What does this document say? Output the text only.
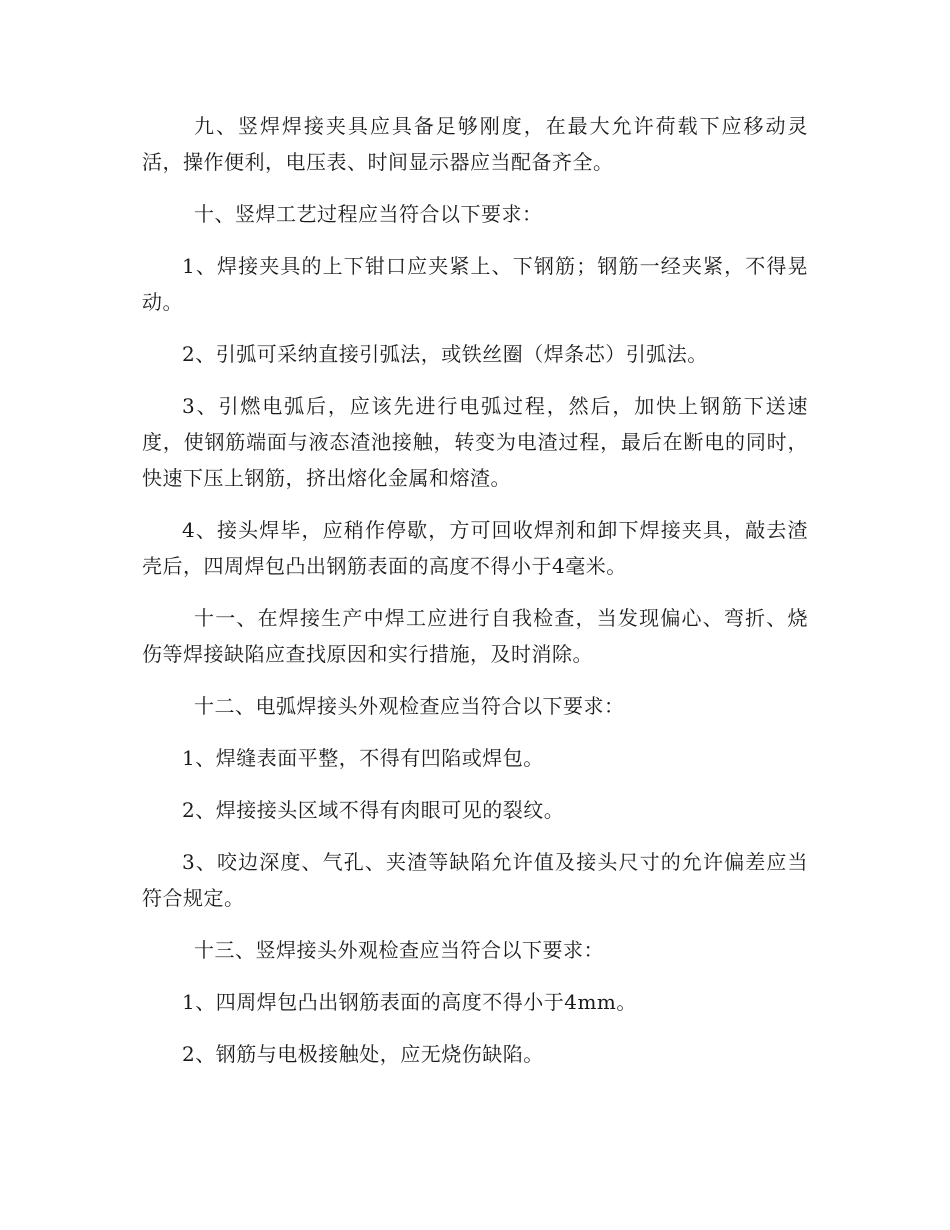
九、竖焊焊接夹具应具备足够刚度，在最大允许荷载下应移动灵活，操作便利，电压表、时间显示器应当配备齐全。

十、竖焊工艺过程应当符合以下要求：

1、焊接夹具的上下钳口应夹紧上、下钢筋；钢筋一经夹紧，不得晃动。

2、引弧可采纳直接引弧法，或铁丝圈（焊条芯）引弧法。

3、引燃电弧后，应该先进行电弧过程，然后，加快上钢筋下送速度，使钢筋端面与液态渣池接触，转变为电渣过程，最后在断电的同时，快速下压上钢筋，挤出熔化金属和熔渣。

4、接头焊毕，应稍作停歇，方可回收焊剂和卸下焊接夹具，敲去渣壳后，四周焊包凸出钢筋表面的高度不得小于4毫米。

十一、在焊接生产中焊工应进行自我检查，当发现偏心、弯折、烧伤等焊接缺陷应查找原因和实行措施，及时消除。

十二、电弧焊接头外观检查应当符合以下要求：

1、焊缝表面平整，不得有凹陷或焊包。

2、焊接接头区域不得有肉眼可见的裂纹。

3、咬边深度、气孔、夹渣等缺陷允许值及接头尺寸的允许偏差应当符合规定。

十三、竖焊接头外观检查应当符合以下要求：

1、四周焊包凸出钢筋表面的高度不得小于4mm。

2、钢筋与电极接触处，应无烧伤缺陷。
